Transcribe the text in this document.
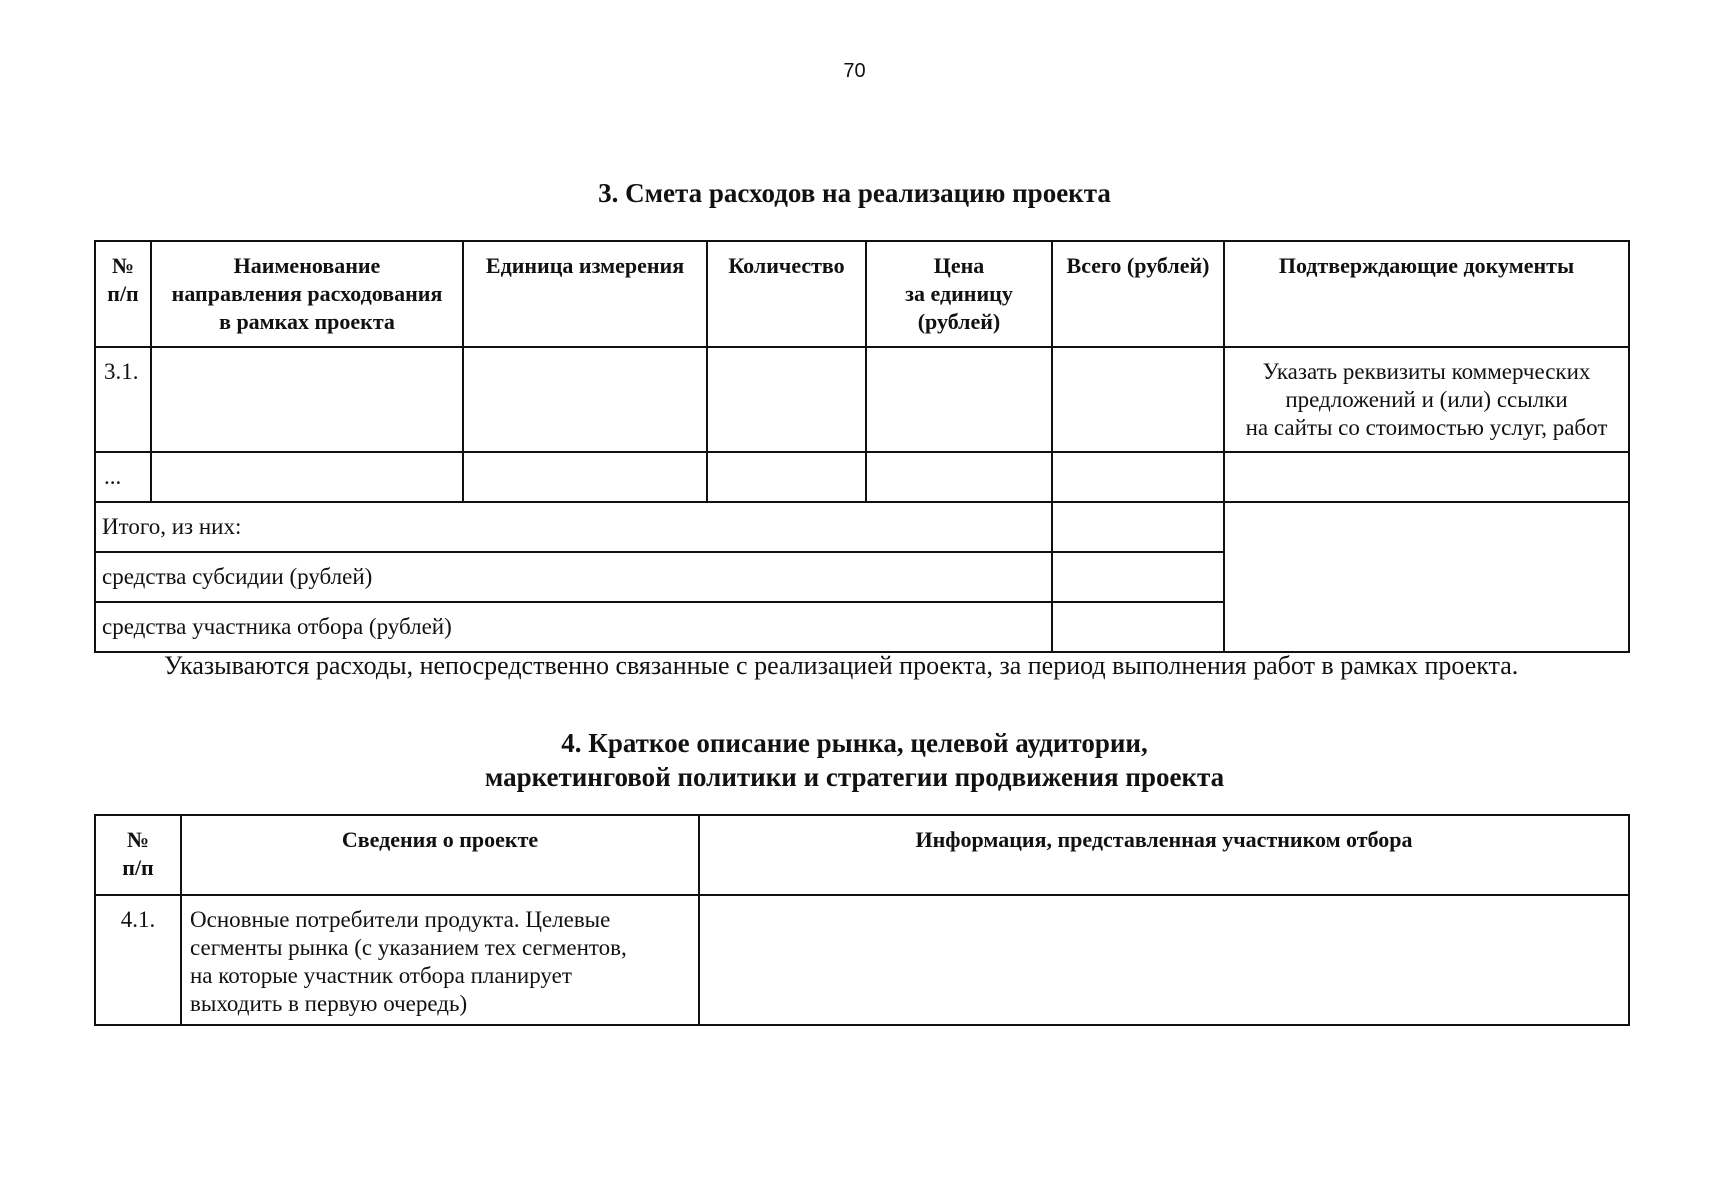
70
3. Смета расходов на реализацию проекта
№
п/п	Наименование
направления расходования
в рамках проекта	Единица измерения	Количество	Цена
за единицу
(рублей)	Всего (рублей)	Подтверждающие документы
3.1.						Указать реквизиты коммерческих
предложений и (или) ссылки
на сайты со стоимостью услуг, работ

...						
Итого, из них:						
средства субсидии (рублей)						
средства участника отбора (рублей)						
Указываются расходы, непосредственно связанные с реализацией проекта, за период выполнения работ в рамках проекта.
4. Краткое описание рынка, целевой аудитории,
маркетинговой политики и стратегии продвижения проекта
№
п/п	Сведения о проекте	Информация, представленная участником отбора
4.1.	Основные потребители продукта. Целевые
сегменты рынка (с указанием тех сегментов,
на которые участник отбора планирует
выходить в первую очередь)	
